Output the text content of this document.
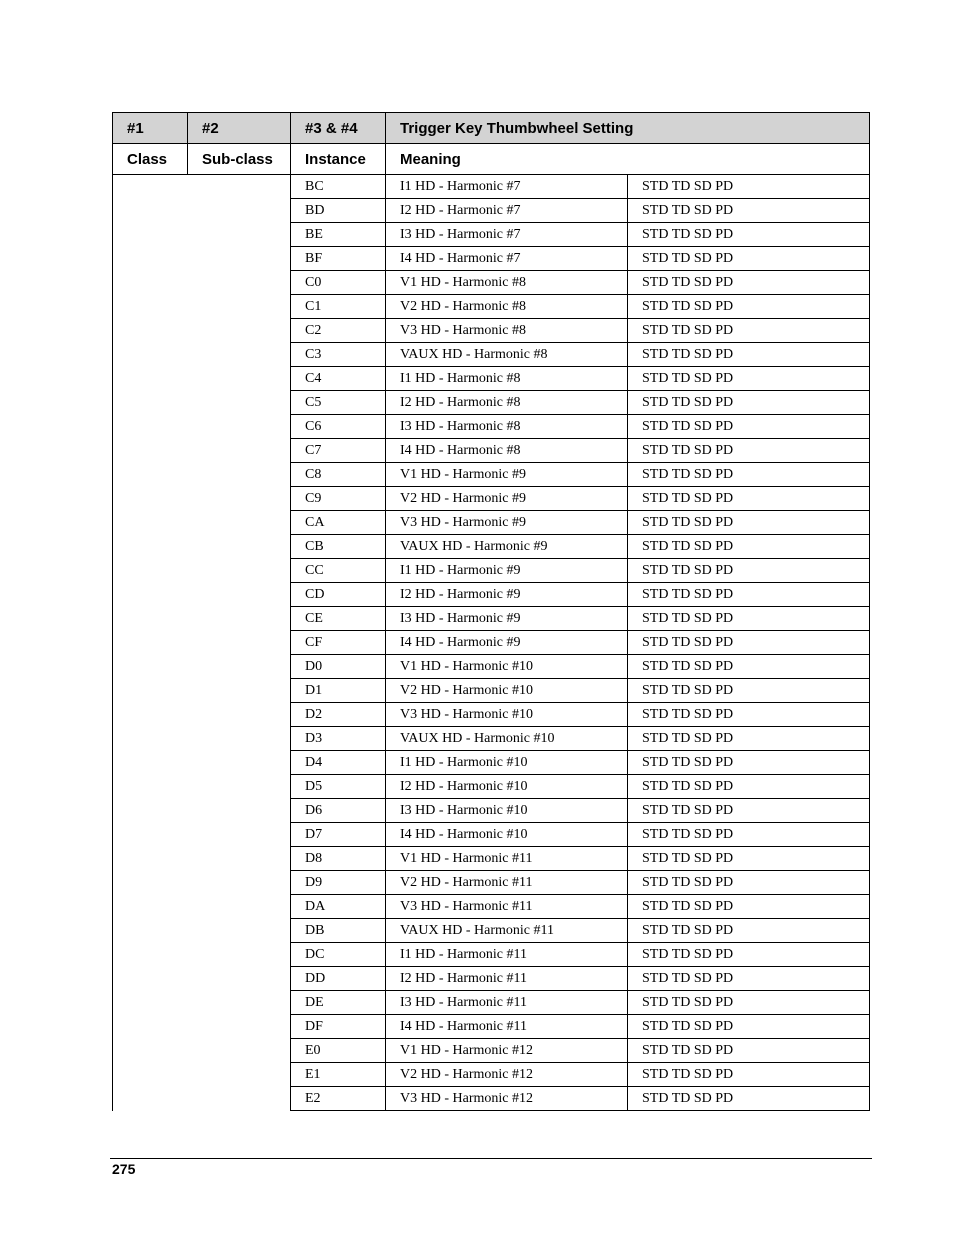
#1	#2	#3 & #4	Trigger Key Thumbwheel Setting	
Class	Sub-class	Instance	Meaning	
		BC	I1 HD - Harmonic #7	STD TD SD PD
		BD	I2 HD - Harmonic #7	STD TD SD PD
		BE	I3 HD - Harmonic #7	STD TD SD PD
		BF	I4 HD - Harmonic #7	STD TD SD PD
		C0	V1 HD - Harmonic #8	STD TD SD PD
		C1	V2 HD - Harmonic #8	STD TD SD PD
		C2	V3 HD - Harmonic #8	STD TD SD PD
		C3	VAUX HD - Harmonic #8	STD TD SD PD
		C4	I1 HD - Harmonic #8	STD TD SD PD
		C5	I2 HD - Harmonic #8	STD TD SD PD
		C6	I3 HD - Harmonic #8	STD TD SD PD
		C7	I4 HD - Harmonic #8	STD TD SD PD
		C8	V1 HD - Harmonic #9	STD TD SD PD
		C9	V2 HD - Harmonic #9	STD TD SD PD
		CA	V3 HD - Harmonic #9	STD TD SD PD
		CB	VAUX HD - Harmonic #9	STD TD SD PD
		CC	I1 HD - Harmonic #9	STD TD SD PD
		CD	I2 HD - Harmonic #9	STD TD SD PD
		CE	I3 HD - Harmonic #9	STD TD SD PD
		CF	I4 HD - Harmonic #9	STD TD SD PD
		D0	V1 HD - Harmonic #10	STD TD SD PD
		D1	V2 HD - Harmonic #10	STD TD SD PD
		D2	V3 HD - Harmonic #10	STD TD SD PD
		D3	VAUX HD - Harmonic #10	STD TD SD PD
		D4	I1 HD - Harmonic #10	STD TD SD PD
		D5	I2 HD - Harmonic #10	STD TD SD PD
		D6	I3 HD - Harmonic #10	STD TD SD PD
		D7	I4 HD - Harmonic #10	STD TD SD PD
		D8	V1 HD - Harmonic #11	STD TD SD PD
		D9	V2 HD - Harmonic #11	STD TD SD PD
		DA	V3 HD - Harmonic #11	STD TD SD PD
		DB	VAUX HD - Harmonic #11	STD TD SD PD
		DC	I1 HD - Harmonic #11	STD TD SD PD
		DD	I2 HD - Harmonic #11	STD TD SD PD
		DE	I3 HD - Harmonic #11	STD TD SD PD
		DF	I4 HD - Harmonic #11	STD TD SD PD
		E0	V1 HD - Harmonic #12	STD TD SD PD
		E1	V2 HD - Harmonic #12	STD TD SD PD
		E2	V3 HD - Harmonic #12	STD TD SD PD
275
